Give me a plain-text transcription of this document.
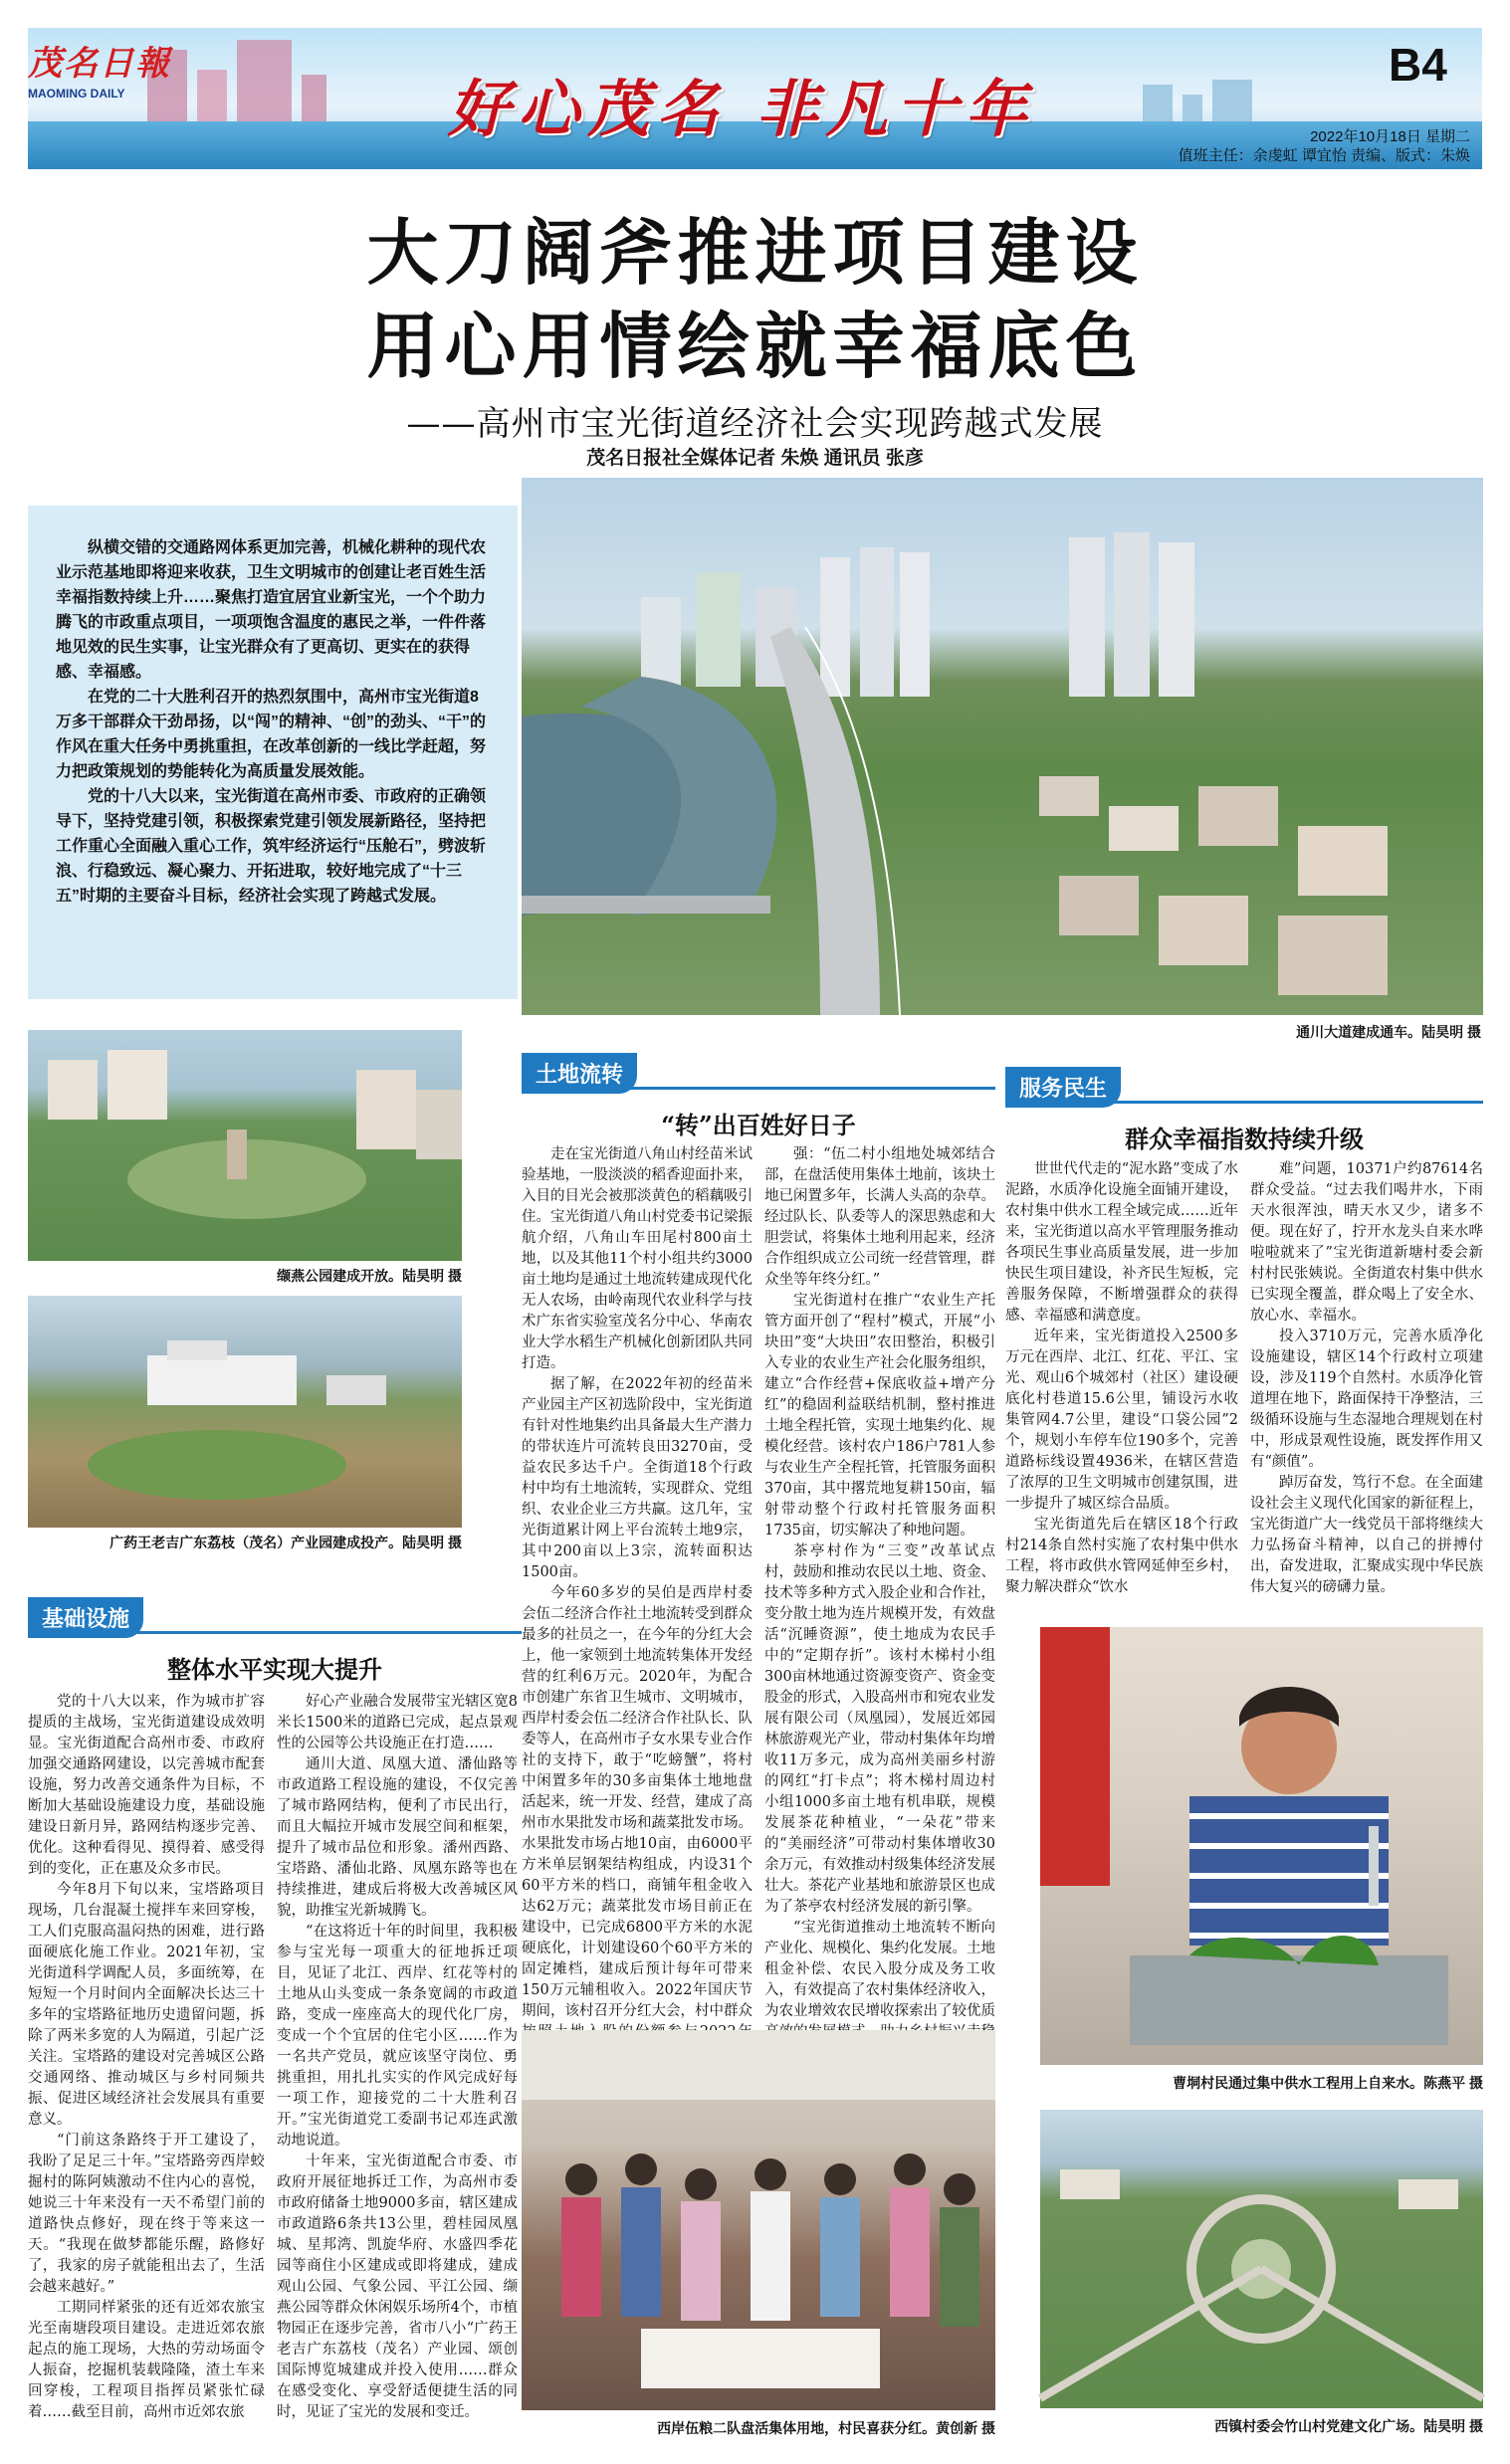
茂名日報
MAOMING DAILY	好心茂名 非凡十年
B4
2022年10月18日 星期二
值班主任：余虔虹 谭宜怡 责编、版式：朱焕
大刀阔斧推进项目建设
用心用情绘就幸福底色
——高州市宝光街道经济社会实现跨越式发展
茂名日报社全媒体记者 朱焕 通讯员 张彦

纵横交错的交通路网体系更加完善，机械化耕种的现代农业示范基地即将迎来收获，卫生文明城市的创建让老百姓生活幸福指数持续上升……聚焦打造宜居宜业新宝光，一个个助力腾飞的市政重点项目，一项项饱含温度的惠民之举，一件件落地见效的民生实事，让宝光群众有了更高切、更实在的获得感、幸福感。

在党的二十大胜利召开的热烈氛围中，高州市宝光街道8万多干部群众干劲昂扬，以“闯”的精神、“创”的劲头、“干”的作风在重大任务中勇挑重担，在改革创新的一线比学赶超，努力把政策规划的势能转化为高质量发展效能。

党的十八大以来，宝光街道在高州市委、市政府的正确领导下，坚持党建引领，积极探索党建引领发展新路径，坚持把工作重心全面融入重心工作，筑牢经济运行“压舱石”，劈波斩浪、行稳致远、凝心聚力、开拓进取，较好地完成了“十三五”时期的主要奋斗目标，经济社会实现了跨越式发展。

通川大道建成通车。陆昊明 摄
缬燕公园建成开放。陆昊明 摄
广药王老吉广东荔枝（茂名）产业园建成投产。陆昊明 摄
基础设施
整体水平实现大提升

党的十八大以来，作为城市扩容提质的主战场，宝光街道建设成效明显。宝光街道配合高州市委、市政府加强交通路网建设，以完善城市配套设施，努力改善交通条件为目标，不断加大基础设施建设力度，基础设施建设日新月异，路网结构逐步完善、优化。这种看得见、摸得着、感受得到的变化，正在惠及众多市民。

今年8月下旬以来，宝塔路项目现场，几台混凝土搅拌车来回穿梭，工人们克服高温闷热的困难，进行路面硬底化施工作业。2021年初，宝光街道科学调配人员，多面统筹，在短短一个月时间内全面解决长达三十多年的宝塔路征地历史遗留问题，拆除了两米多宽的人为隔道，引起广泛关注。宝塔路的建设对完善城区公路交通网络、推动城区与乡村同频共振、促进区域经济社会发展具有重要意义。

“门前这条路终于开工建设了，我盼了足足三十年。”宝塔路旁西岸蛟掘村的陈阿姨激动不住内心的喜悦，她说三十年来没有一天不希望门前的道路快点修好，现在终于等来这一天。“我现在做梦都能乐醒，路修好了，我家的房子就能租出去了，生活会越来越好。”

工期同样紧张的还有近郊农旅宝光至南塘段项目建设。走进近郊农旅起点的施工现场，大热的劳动场面令人振奋，挖掘机装载隆隆，渣土车来回穿梭，工程项目指挥员紧张忙碌着……截至目前，高州市近郊农旅

好心产业融合发展带宝光辖区宽8米长1500米的道路已完成，起点景观性的公园等公共设施正在打造……

通川大道、凤凰大道、潘仙路等市政道路工程设施的建设，不仅完善了城市路网结构，便利了市民出行，而且大幅拉开城市发展空间和框架，提升了城市品位和形象。潘州西路、宝塔路、潘仙北路、凤凰东路等也在持续推进，建成后将极大改善城区风貌，助推宝光新城腾飞。

“在这将近十年的时间里，我积极参与宝光每一项重大的征地拆迁项目，见证了北江、西岸、红花等村的土地从山头变成一条条宽阔的市政道路，变成一座座高大的现代化厂房，变成一个个宜居的住宅小区……作为一名共产党员，就应该坚守岗位、勇挑重担，用扎扎实实的作风完成好每一项工作，迎接党的二十大胜利召开。”宝光街道党工委副书记邓连武激动地说道。

十年来，宝光街道配合市委、市政府开展征地拆迁工作，为高州市委市政府储备土地9000多亩，辖区建成市政道路6条共13公里，碧桂园凤凰城、星邦湾、凯旋华府、水盛四季花园等商住小区建成或即将建成，建成观山公园、气象公园、平江公园、缬燕公园等群众休闲娱乐场所4个，市植物园正在逐步完善，省市八小“广药王老吉广东荔枝（茂名）产业园、颂创国际博览城建成并投入使用……群众在感受变化、享受舒适便捷生活的同时，见证了宝光的发展和变迁。

土地流转
“转”出百姓好日子

走在宝光街道八角山村经苗米试验基地，一股淡淡的稻香迎面扑来，入目的目光会被那淡黄色的稻藕吸引住。宝光街道八角山村党委书记梁振航介绍，八角山车田尾村800亩土地，以及其他11个村小组共约3000亩土地均是通过土地流转建成现代化无人农场，由岭南现代农业科学与技术广东省实验室茂名分中心、华南农业大学水稻生产机械化创新团队共同打造。

据了解，在2022年初的经苗米产业园主产区初选阶段中，宝光街道有针对性地集约出具备最大生产潜力的带状连片可流转良田3270亩，受益农民多达千户。全街道18个行政村中均有土地流转，实现群众、党组织、农业企业三方共赢。这几年，宝光街道累计网上平台流转土地9宗，其中200亩以上3宗，流转面积达1500亩。

今年60多岁的吴伯是西岸村委会伍二经济合作社土地流转受到群众最多的社员之一，在今年的分红大会上，他一家领到土地流转集体开发经营的红利6万元。2020年，为配合市创建广东省卫生城市、文明城市，西岸村委会伍二经济合作社队长、队委等人，在高州市子女水果专业合作社的支持下，敢于“吃螃蟹”，将村中闲置多年的30多亩集体土地地盘活起来，统一开发、经营，建成了高州市水果批发市场和蔬菜批发市场。水果批发市场占地10亩，由6000平方米单层钢架结构组成，内设31个60平方米的档口，商铺年租金收入达62万元；蔬菜批发市场目前正在建设中，已完成6800平方米的水泥硬底化，计划建设60个60平方米的固定摊档，建成后预计每年可带来150万元辅租收入。2022年国庆节期间，该村召开分红大会，村中群众

强：“伍二村小组地处城郊结合部，在盘活使用集体土地前，该块土地已闲置多年，长满人头高的杂草。经过队长、队委等人的深思熟虑和大胆尝试，将集体土地利用起来，经济合作组织成立公司统一经营管理，群众坐等年终分红。”

宝光街道村在推广“农业生产托管方面开创了“程村”模式，开展“小块田”变“大块田”农田整治，积极引入专业的农业生产社会化服务组织，建立“合作经营+保底收益+增产分红”的稳固利益联结机制，整村推进土地全程托管，实现土地集约化、规模化经营。该村农户186户781人参与农业生产全程托管，托管服务面积370亩，其中撂荒地复耕150亩，辐射带动整个行政村托管服务面积1735亩，切实解决了种地问题。

茶亭村作为“三变”改革试点村，鼓励和推动农民以土地、资金、技术等多种方式入股企业和合作社，变分散土地为连片规模开发，有效盘活“沉睡资源”，使土地成为农民手中的“定期存折”。该村木梯村小组300亩林地通过资源变资产、资金变股金的形式，入股高州市和宛农业发展有限公司（凤凰园），发展近郊园林旅游观光产业，带动村集体年均增收11万多元，成为高州美丽乡村游的网红“打卡点”；将木梯村周边村小组1000多亩土地有机串联，规模发展茶花种植业，“一朵花”带来的“美丽经济”可带动村集体增收30余万元，有效推动村级集体经济发展壮大。茶花产业基地和旅游景区也成为了茶亭农村经济发展的新引擎。

“宝光街道推动土地流转不断向产业化、规模化、集约化发展。土地租金补偿、农民入股分成及务工收入，有效提高了农村集体经济收入，为农业增效农民增收探索出了较优质

西岸伍粮二队盘活集体用地，村民喜获分红。黄创新 摄
服务民生
群众幸福指数持续升级

世世代代走的“泥水路”变成了水泥路，水质净化设施全面铺开建设，农村集中供水工程全域完成……近年来，宝光街道以高水平管理服务推动各项民生事业高质量发展，进一步加快民生项目建设，补齐民生短板，完善服务保障，不断增强群众的获得感、幸福感和满意度。

近年来，宝光街道投入2500多万元在西岸、北江、红花、平江、宝光、观山6个城郊村（社区）建设硬底化村巷道15.6公里，铺设污水收集管网4.7公里，建设“口袋公园”2个，规划小车停车位190多个，完善道路标线设置4936米，在辖区营造了浓厚的卫生文明城市创建氛围，进一步提升了城区综合品质。

宝光街道先后在辖区18个行政村214条自然村实施了农村集中供水工程，将市政供水管网延伸至乡村，聚力解决群众“饮水

难”问题，10371户约87614名群众受益。“过去我们喝井水，下雨天水很浑浊，晴天水又少，诸多不便。现在好了，拧开水龙头自来水哗啦啦就来了”宝光街道新塘村委会新村村民张姨说。全街道农村集中供水已实现全覆盖，群众喝上了安全水、放心水、幸福水。

投入3710万元，完善水质净化设施建设，辖区14个行政村立项建设，涉及119个自然村。水质净化管道埋在地下，路面保持干净整洁，三级循环设施与生态湿地合理规划在村中，形成景观性设施，既发挥作用又有“颜值”。

踔厉奋发，笃行不怠。在全面建设社会主义现代化国家的新征程上，宝光街道广大一线党员干部将继续大力弘扬奋斗精神，以自己的拼搏付出，奋发进取，汇聚成实现中华民族伟大复兴的磅礴力量。

曹垌村民通过集中供水工程用上自来水。陈燕平 摄
西镇村委会竹山村党建文化广场。陆昊明 摄
